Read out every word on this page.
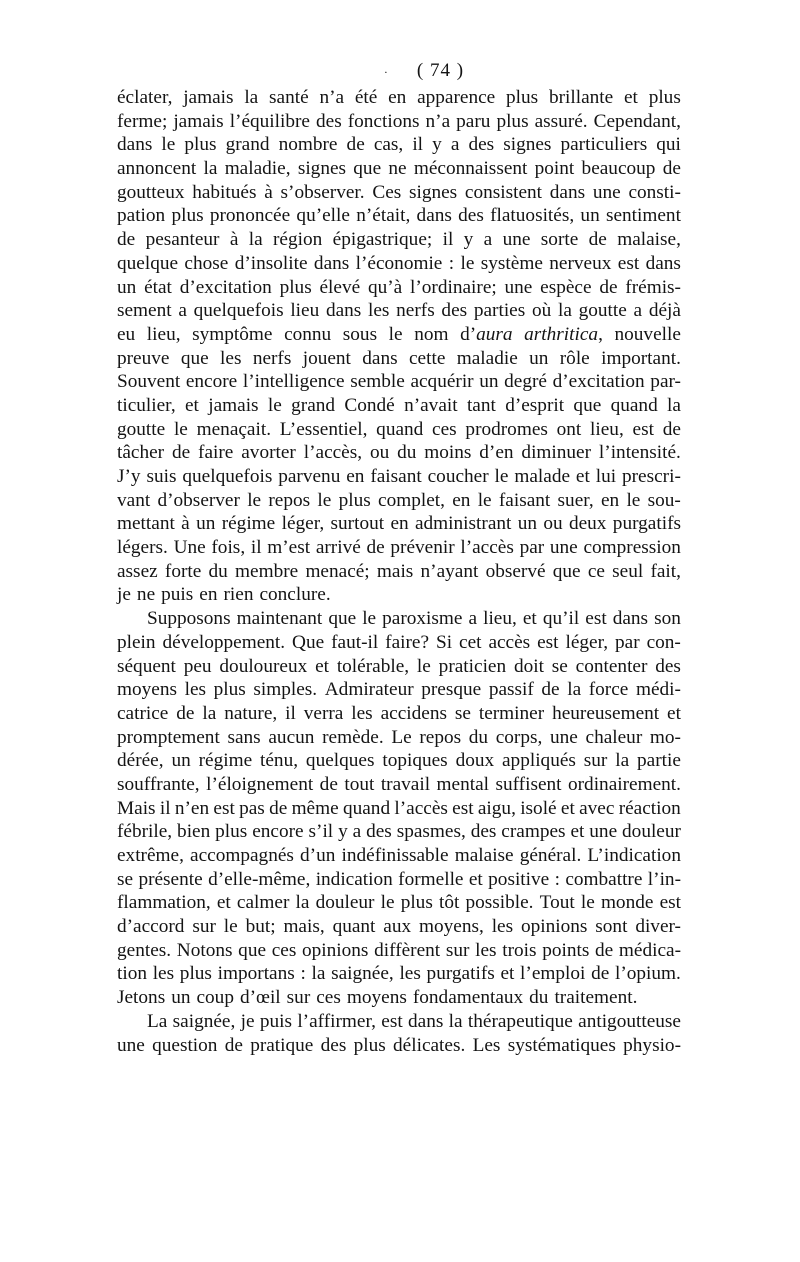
· ( 74 )
éclater, jamais la santé n’a été en apparence plus brillante et plus
ferme; jamais l’équilibre des fonctions n’a paru plus assuré. Cependant,
dans le plus grand nombre de cas, il y a des signes particuliers qui
annoncent la maladie, signes que ne méconnaissent point beaucoup de
goutteux habitués à s’observer. Ces signes consistent dans une consti-
pation plus prononcée qu’elle n’était, dans des flatuosités, un sentiment
de pesanteur à la région épigastrique; il y a une sorte de malaise,
quelque chose d’insolite dans l’économie : le système nerveux est dans
un état d’excitation plus élevé qu’à l’ordinaire; une espèce de frémis-
sement a quelquefois lieu dans les nerfs des parties où la goutte a déjà
eu lieu, symptôme connu sous le nom d’aura arthritica, nouvelle
preuve que les nerfs jouent dans cette maladie un rôle important.
Souvent encore l’intelligence semble acquérir un degré d’excitation par-
ticulier, et jamais le grand Condé n’avait tant d’esprit que quand la
goutte le menaçait. L’essentiel, quand ces prodromes ont lieu, est de
tâcher de faire avorter l’accès, ou du moins d’en diminuer l’intensité.
J’y suis quelquefois parvenu en faisant coucher le malade et lui prescri-
vant d’observer le repos le plus complet, en le faisant suer, en le sou-
mettant à un régime léger, surtout en administrant un ou deux purgatifs
légers. Une fois, il m’est arrivé de prévenir l’accès par une compression
assez forte du membre menacé; mais n’ayant observé que ce seul fait,
je ne puis en rien conclure.
Supposons maintenant que le paroxisme a lieu, et qu’il est dans son
plein développement. Que faut-il faire? Si cet accès est léger, par con-
séquent peu douloureux et tolérable, le praticien doit se contenter des
moyens les plus simples. Admirateur presque passif de la force médi-
catrice de la nature, il verra les accidens se terminer heureusement et
promptement sans aucun remède. Le repos du corps, une chaleur mo-
dérée, un régime ténu, quelques topiques doux appliqués sur la partie
souffrante, l’éloignement de tout travail mental suffisent ordinairement.
Mais il n’en est pas de même quand l’accès est aigu, isolé et avec réaction
fébrile, bien plus encore s’il y a des spasmes, des crampes et une douleur
extrême, accompagnés d’un indéfinissable malaise général. L’indication
se présente d’elle-même, indication formelle et positive : combattre l’in-
flammation, et calmer la douleur le plus tôt possible. Tout le monde est
d’accord sur le but; mais, quant aux moyens, les opinions sont diver-
gentes. Notons que ces opinions diffèrent sur les trois points de médica-
tion les plus importans : la saignée, les purgatifs et l’emploi de l’opium.
Jetons un coup d’œil sur ces moyens fondamentaux du traitement.
La saignée, je puis l’affirmer, est dans la thérapeutique antigoutteuse
une question de pratique des plus délicates. Les systématiques physio-
